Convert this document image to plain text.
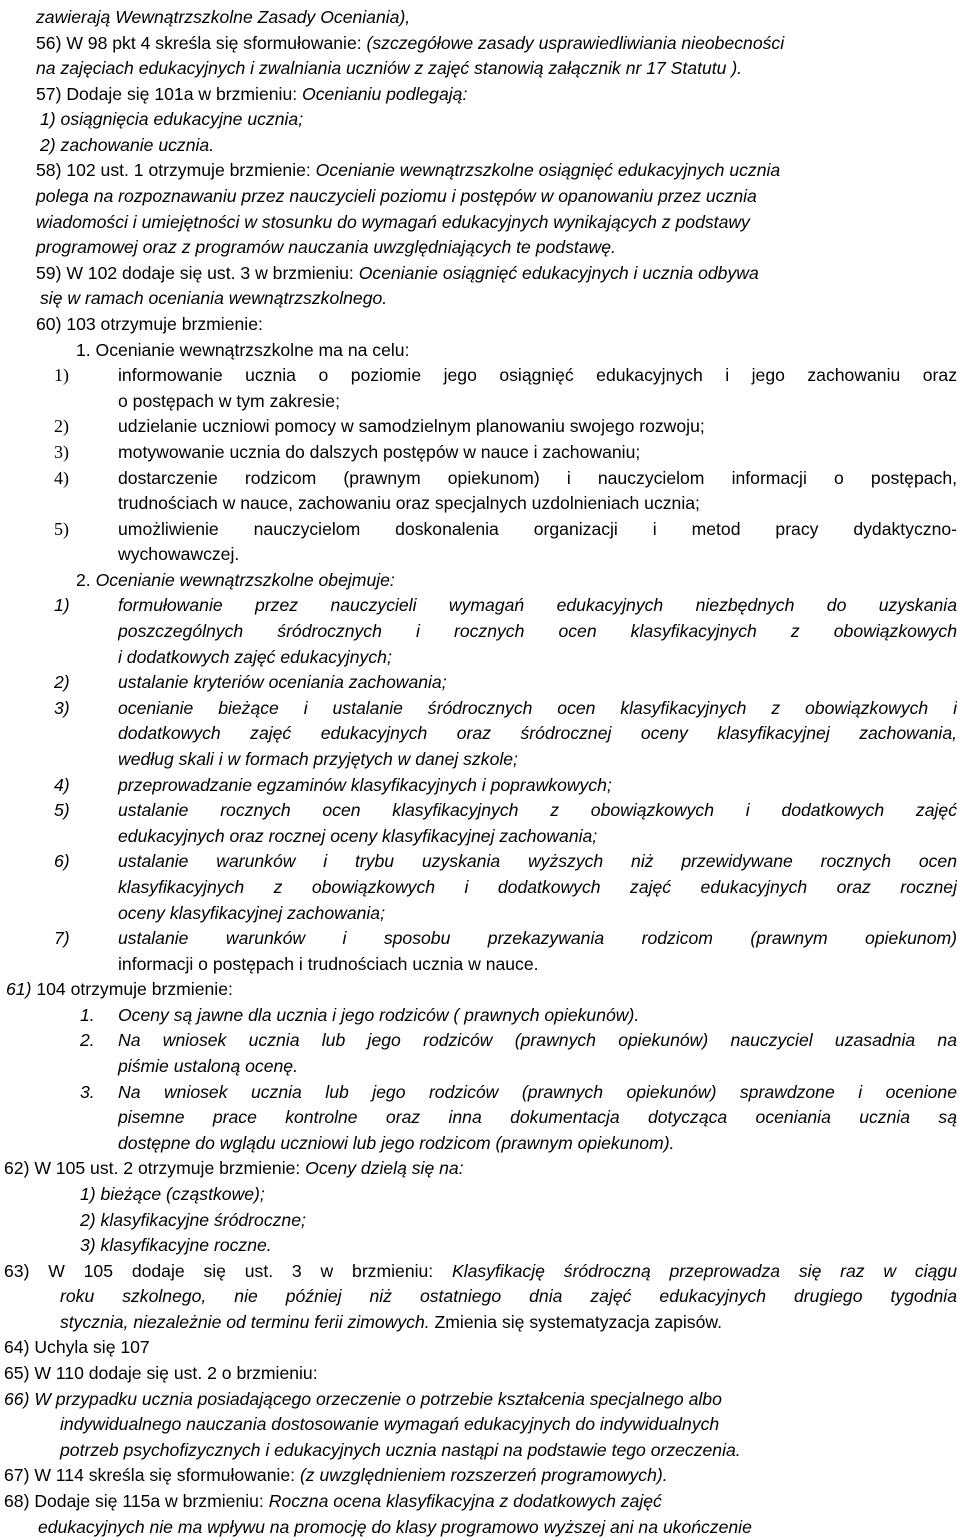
zawierają Wewnątrzszkolne Zasady Oceniania),
56) W 98 pkt 4 skreśla się sformułowanie: (szczegółowe zasady usprawiedliwiania nieobecności
na zajęciach edukacyjnych i zwalniania uczniów z zajęć stanowią załącznik nr 17 Statutu ).
57) Dodaje się 101a w brzmieniu: Ocenianiu podlegają:
1) osiągnięcia edukacyjne ucznia;
2) zachowanie ucznia.
58) 102 ust. 1 otrzymuje brzmienie: Ocenianie wewnątrzszkolne osiągnięć edukacyjnych ucznia
polega na rozpoznawaniu przez nauczycieli poziomu i postępów w opanowaniu przez ucznia
wiadomości i umiejętności w stosunku do wymagań edukacyjnych wynikających z podstawy
programowej oraz z programów nauczania uwzględniających te podstawę.
59) W 102 dodaje się ust. 3 w brzmieniu: Ocenianie osiągnięć edukacyjnych i ucznia odbywa
się w ramach oceniania wewnątrzszkolnego.
60) 103 otrzymuje brzmienie:
1. Ocenianie wewnątrzszkolne ma na celu:
1)	informowanie ucznia o poziomie jego osiągnięć edukacyjnych i jego zachowaniu oraz
o postępach w tym zakresie;
2)	udzielanie uczniowi pomocy w samodzielnym planowaniu swojego rozwoju;
3)	motywowanie ucznia do dalszych postępów w nauce i zachowaniu;
4)	dostarczenie rodzicom (prawnym opiekunom) i nauczycielom informacji o postępach,
trudnościach w nauce, zachowaniu oraz specjalnych uzdolnieniach ucznia;
5)	umożliwienie nauczycielom doskonalenia organizacji i metod pracy dydaktyczno-
wychowawczej.
2. Ocenianie wewnątrzszkolne obejmuje:
1)	formułowanie przez nauczycieli wymagań edukacyjnych niezbędnych do uzyskania
poszczególnych śródrocznych i rocznych ocen klasyfikacyjnych z obowiązkowych
i dodatkowych zajęć edukacyjnych;
2)	ustalanie kryteriów oceniania zachowania;
3)	ocenianie bieżące i ustalanie śródrocznych ocen klasyfikacyjnych z obowiązkowych i
dodatkowych zajęć edukacyjnych oraz śródrocznej oceny klasyfikacyjnej zachowania,
według skali i w formach przyjętych w danej szkole;
4)	przeprowadzanie egzaminów klasyfikacyjnych i poprawkowych;
5)	ustalanie rocznych ocen klasyfikacyjnych z obowiązkowych i dodatkowych zajęć
edukacyjnych oraz rocznej oceny klasyfikacyjnej zachowania;
6)	ustalanie warunków i trybu uzyskania wyższych niż przewidywane rocznych ocen
klasyfikacyjnych z obowiązkowych i dodatkowych zajęć edukacyjnych oraz rocznej
oceny klasyfikacyjnej zachowania;
7)	ustalanie warunków i sposobu przekazywania rodzicom (prawnym opiekunom)
informacji o postępach i trudnościach ucznia w nauce.
61) 104 otrzymuje brzmienie:
1. Oceny są jawne dla ucznia i jego rodziców ( prawnych opiekunów).
2. Na wniosek ucznia lub jego rodziców (prawnych opiekunów) nauczyciel uzasadnia na
piśmie ustaloną ocenę.
3. Na wniosek ucznia lub jego rodziców (prawnych opiekunów) sprawdzone i ocenione
pisemne prace kontrolne oraz inna dokumentacja dotycząca oceniania ucznia są
dostępne do wglądu uczniowi lub jego rodzicom (prawnym opiekunom).
62) W 105 ust. 2 otrzymuje brzmienie: Oceny dzielą się na:
1) bieżące (cząstkowe);
2) klasyfikacyjne śródroczne;
3) klasyfikacyjne roczne.
63) W 105 dodaje się ust. 3 w brzmieniu: Klasyfikację śródroczną przeprowadza się raz w ciągu
roku szkolnego, nie później niż ostatniego dnia zajęć edukacyjnych drugiego tygodnia
stycznia, niezależnie od terminu ferii zimowych. Zmienia się systematyzacja zapisów.
64) Uchyla się 107
65) W 110 dodaje się ust. 2 o brzmieniu:
66) W przypadku ucznia posiadającego orzeczenie o potrzebie kształcenia specjalnego albo
indywidualnego nauczania dostosowanie wymagań edukacyjnych do indywidualnych
potrzeb psychofizycznych i edukacyjnych ucznia nastąpi na podstawie tego orzeczenia.
67) W 114 skreśla się sformułowanie: (z uwzględnieniem rozszerzeń programowych).
68) Dodaje się 115a w brzmieniu: Roczna ocena klasyfikacyjna z dodatkowych zajęć
edukacyjnych nie ma wpływu na promocję do klasy programowo wyższej ani na ukończenie
